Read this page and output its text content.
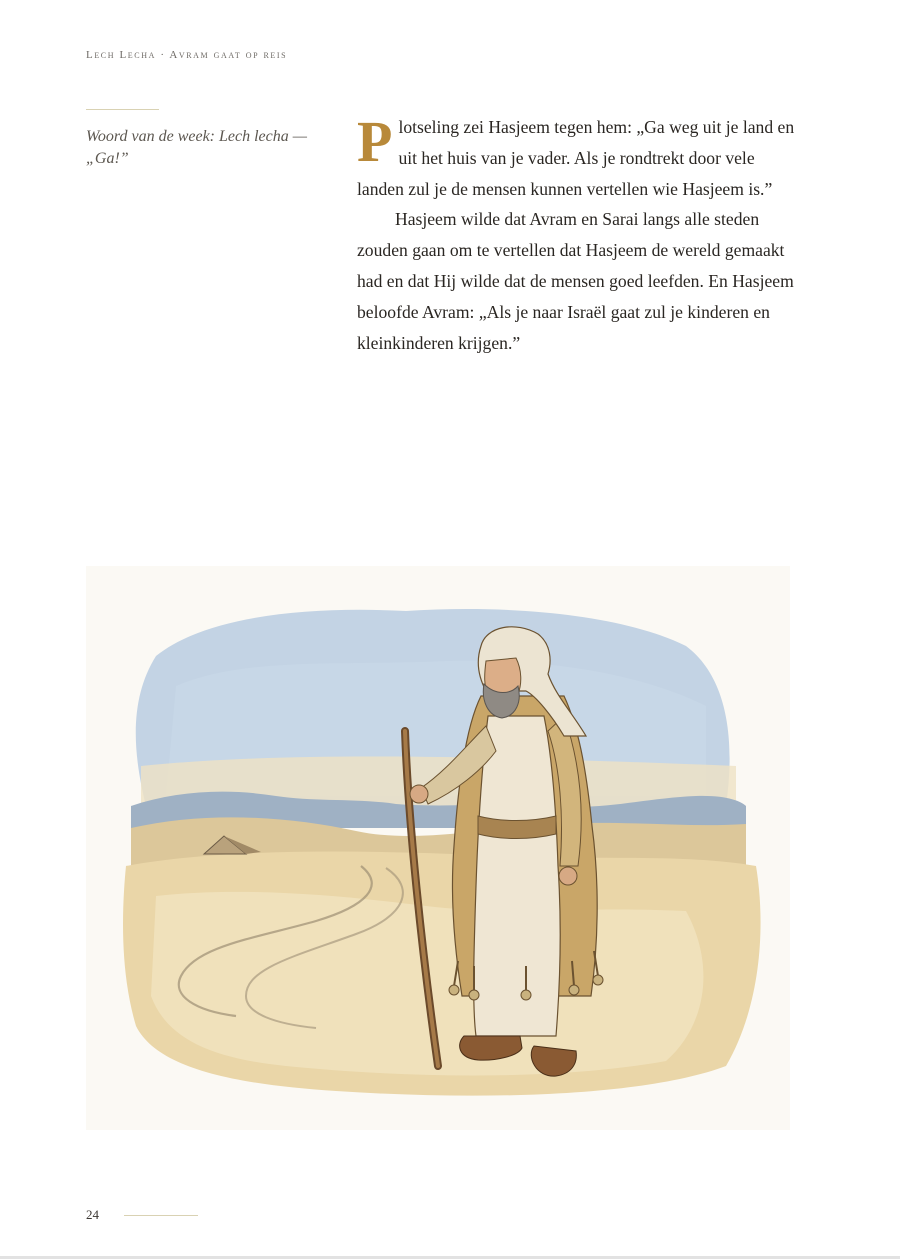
Lech Lecha · Avram gaat op reis
Woord van de week: Lech lecha — „Ga!”	Plotseling zei Hasjeem tegen hem: „Ga weg uit je land en uit het huis van je vader. Als je rondtrekt door vele landen zul je de mensen kunnen vertellen wie Hasjeem is.”

Hasjeem wilde dat Avram en Sarai langs alle steden zouden gaan om te vertellen dat Hasjeem de wereld gemaakt had en dat Hij wilde dat de mensen goed leefden. En Hasjeem beloofde Avram: „Als je naar Israël gaat zul je kinderen en kleinkinderen krijgen.”

24
